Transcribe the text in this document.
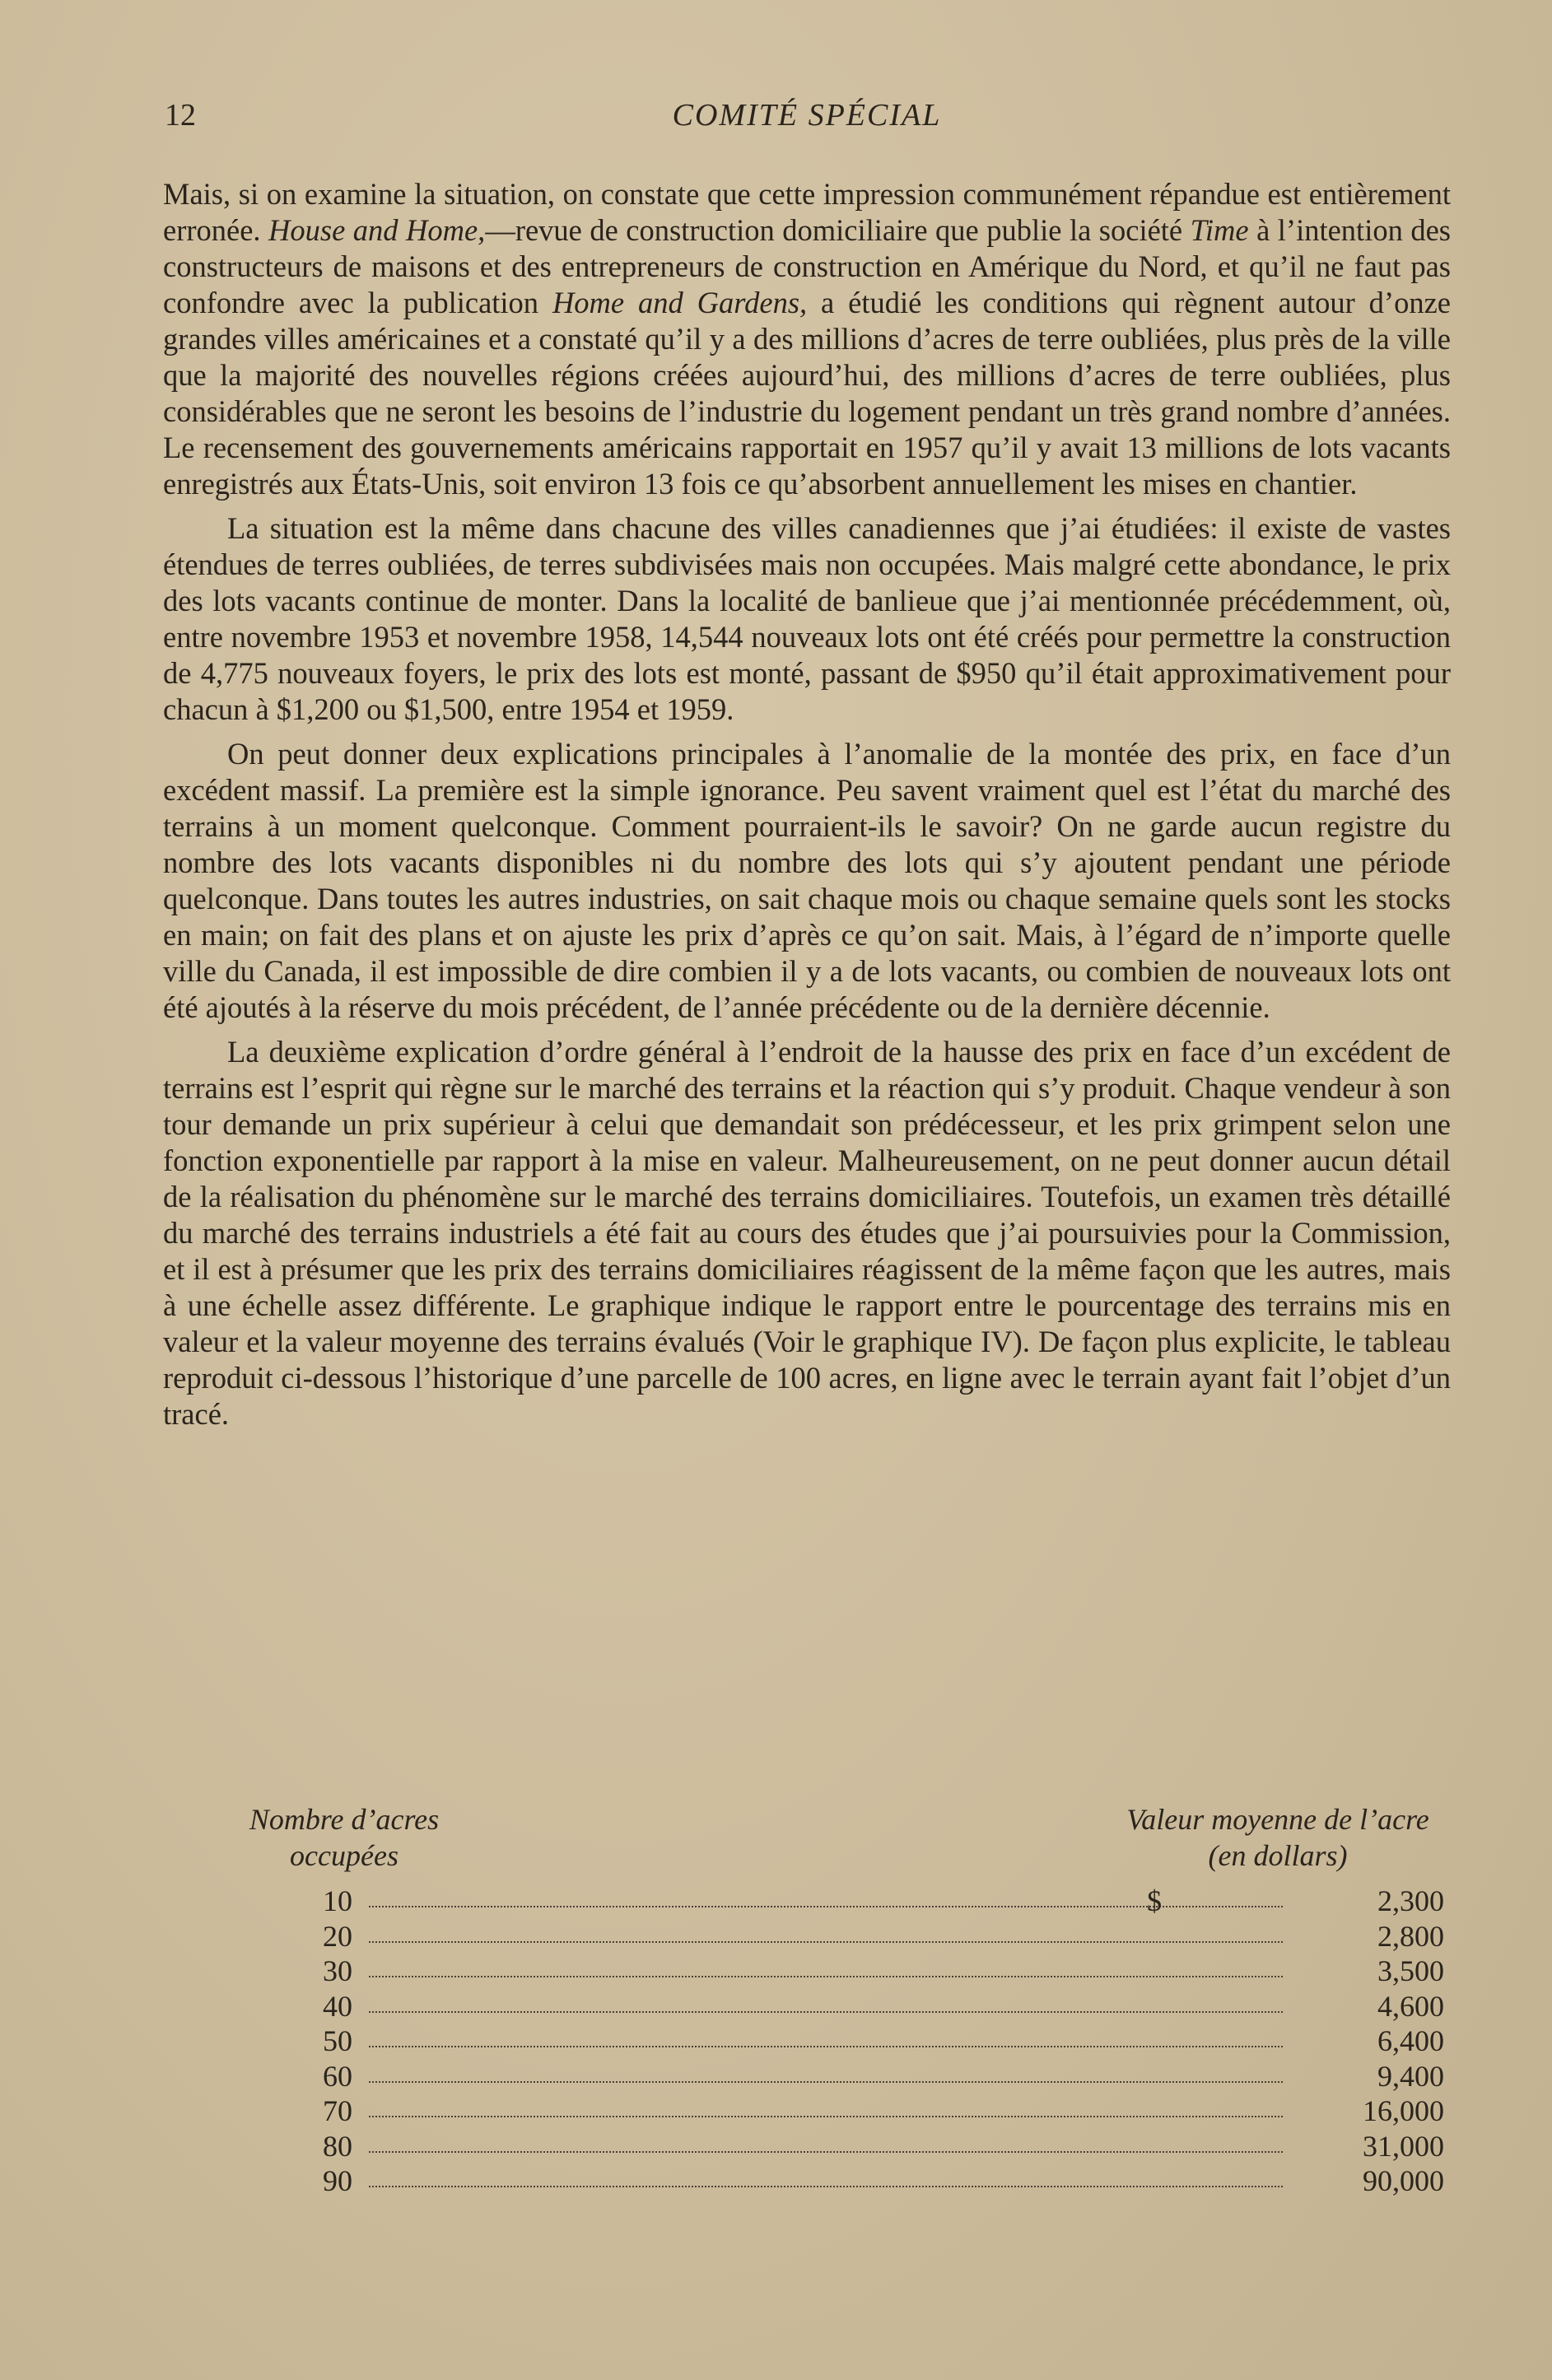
12	COMITÉ SPÉCIAL

Mais, si on examine la situation, on constate que cette impression communément répandue est entièrement erronée. House and Home,—revue de construction domiciliaire que publie la société Time à l’intention des constructeurs de maisons et des entrepreneurs de construction en Amérique du Nord, et qu’il ne faut pas confondre avec la publication Home and Gardens, a étudié les conditions qui règnent autour d’onze grandes villes américaines et a constaté qu’il y a des millions d’acres de terre oubliées, plus près de la ville que la majorité des nouvelles régions créées aujourd’hui, des millions d’acres de terre oubliées, plus considérables que ne seront les besoins de l’industrie du logement pendant un très grand nombre d’années. Le recensement des gouvernements américains rapportait en 1957 qu’il y avait 13 millions de lots vacants enregistrés aux États-Unis, soit environ 13 fois ce qu’absorbent annuellement les mises en chantier.

La situation est la même dans chacune des villes canadiennes que j’ai étudiées: il existe de vastes étendues de terres oubliées, de terres subdivisées mais non occupées. Mais malgré cette abondance, le prix des lots vacants continue de monter. Dans la localité de banlieue que j’ai mentionnée précédemment, où, entre novembre 1953 et novembre 1958, 14,544 nouveaux lots ont été créés pour permettre la construction de 4,775 nouveaux foyers, le prix des lots est monté, passant de $950 qu’il était approximativement pour chacun à $1,200 ou $1,500, entre 1954 et 1959.

On peut donner deux explications principales à l’anomalie de la montée des prix, en face d’un excédent massif. La première est la simple ignorance. Peu savent vraiment quel est l’état du marché des terrains à un moment quelconque. Comment pourraient-ils le savoir? On ne garde aucun registre du nombre des lots vacants disponibles ni du nombre des lots qui s’y ajoutent pendant une période quelconque. Dans toutes les autres industries, on sait chaque mois ou chaque semaine quels sont les stocks en main; on fait des plans et on ajuste les prix d’après ce qu’on sait. Mais, à l’égard de n’importe quelle ville du Canada, il est impossible de dire combien il y a de lots vacants, ou combien de nouveaux lots ont été ajoutés à la réserve du mois précédent, de l’année précédente ou de la dernière décennie.

La deuxième explication d’ordre général à l’endroit de la hausse des prix en face d’un excédent de terrains est l’esprit qui règne sur le marché des terrains et la réaction qui s’y produit. Chaque vendeur à son tour demande un prix supérieur à celui que demandait son prédécesseur, et les prix grimpent selon une fonction exponentielle par rapport à la mise en valeur. Malheureusement, on ne peut donner aucun détail de la réalisation du phénomène sur le marché des terrains domiciliaires. Toutefois, un examen très détaillé du marché des terrains industriels a été fait au cours des études que j’ai poursuivies pour la Commission, et il est à présumer que les prix des terrains domiciliaires réagissent de la même façon que les autres, mais à une échelle assez différente. Le graphique indique le rapport entre le pourcentage des terrains mis en valeur et la valeur moyenne des terrains évalués (Voir le graphique IV). De façon plus explicite, le tableau reproduit ci-dessous l’historique d’une parcelle de 100 acres, en ligne avec le terrain ayant fait l’objet d’un tracé.

Nombre d’acres
occupées
Valeur moyenne de l’acre
(en dollars)
10	$	2,300
20	2,800
30	3,500
40	4,600
50	6,400
60	9,400
70	16,000
80	31,000
90	90,000
